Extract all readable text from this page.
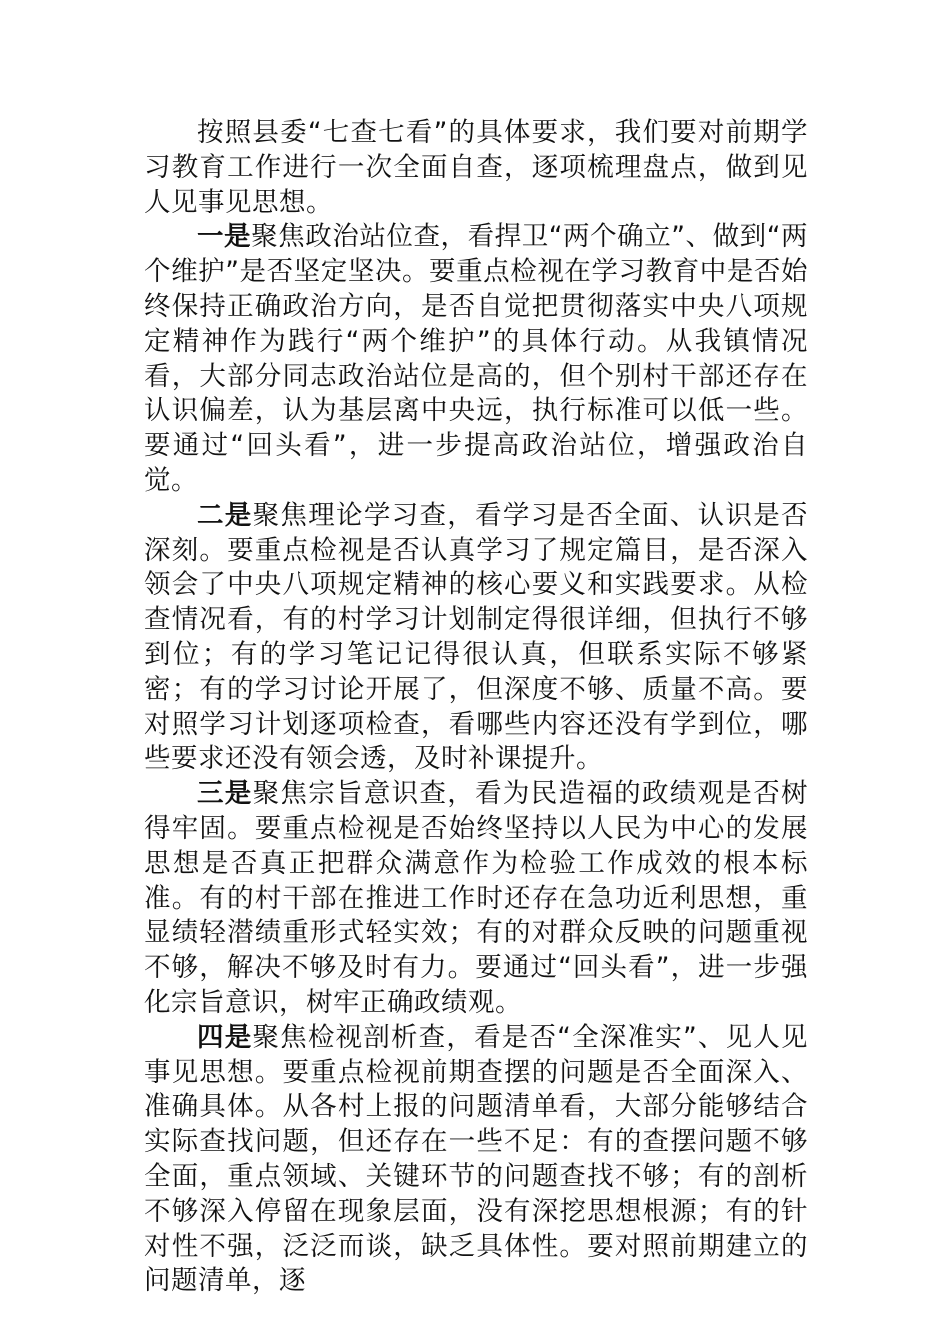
按照县委“七查七看”的具体要求，我们要对前期学习教育工作进行一次全面自查，逐项梳理盘点，做到见人见事见思想。

一是聚焦政治站位查，看捍卫“两个确立”、做到“两个维护”是否坚定坚决。要重点检视在学习教育中是否始终保持正确政治方向，是否自觉把贯彻落实中央八项规定精神作为践行“两个维护”的具体行动。从我镇情况看，大部分同志政治站位是高的，但个别村干部还存在认识偏差，认为基层离中央远，执行标准可以低一些。要通过“回头看”，进一步提高政治站位，增强政治自觉。

二是聚焦理论学习查，看学习是否全面、认识是否深刻。要重点检视是否认真学习了规定篇目，是否深入领会了中央八项规定精神的核心要义和实践要求。从检查情况看，有的村学习计划制定得很详细，但执行不够到位；有的学习笔记记得很认真，但联系实际不够紧密；有的学习讨论开展了，但深度不够、质量不高。要对照学习计划逐项检查，看哪些内容还没有学到位，哪些要求还没有领会透，及时补课提升。

三是聚焦宗旨意识查，看为民造福的政绩观是否树得牢固。要重点检视是否始终坚持以人民为中心的发展思想是否真正把群众满意作为检验工作成效的根本标准。有的村干部在推进工作时还存在急功近利思想，重显绩轻潜绩重形式轻实效；有的对群众反映的问题重视不够，解决不够及时有力。要通过“回头看”，进一步强化宗旨意识，树牢正确政绩观。

四是聚焦检视剖析查，看是否“全深准实”、见人见事见思想。要重点检视前期查摆的问题是否全面深入、准确具体。从各村上报的问题清单看，大部分能够结合实际查找问题，但还存在一些不足：有的查摆问题不够全面，重点领域、关键环节的问题查找不够；有的剖析不够深入停留在现象层面，没有深挖思想根源；有的针对性不强，泛泛而谈，缺乏具体性。要对照前期建立的问题清单，逐
